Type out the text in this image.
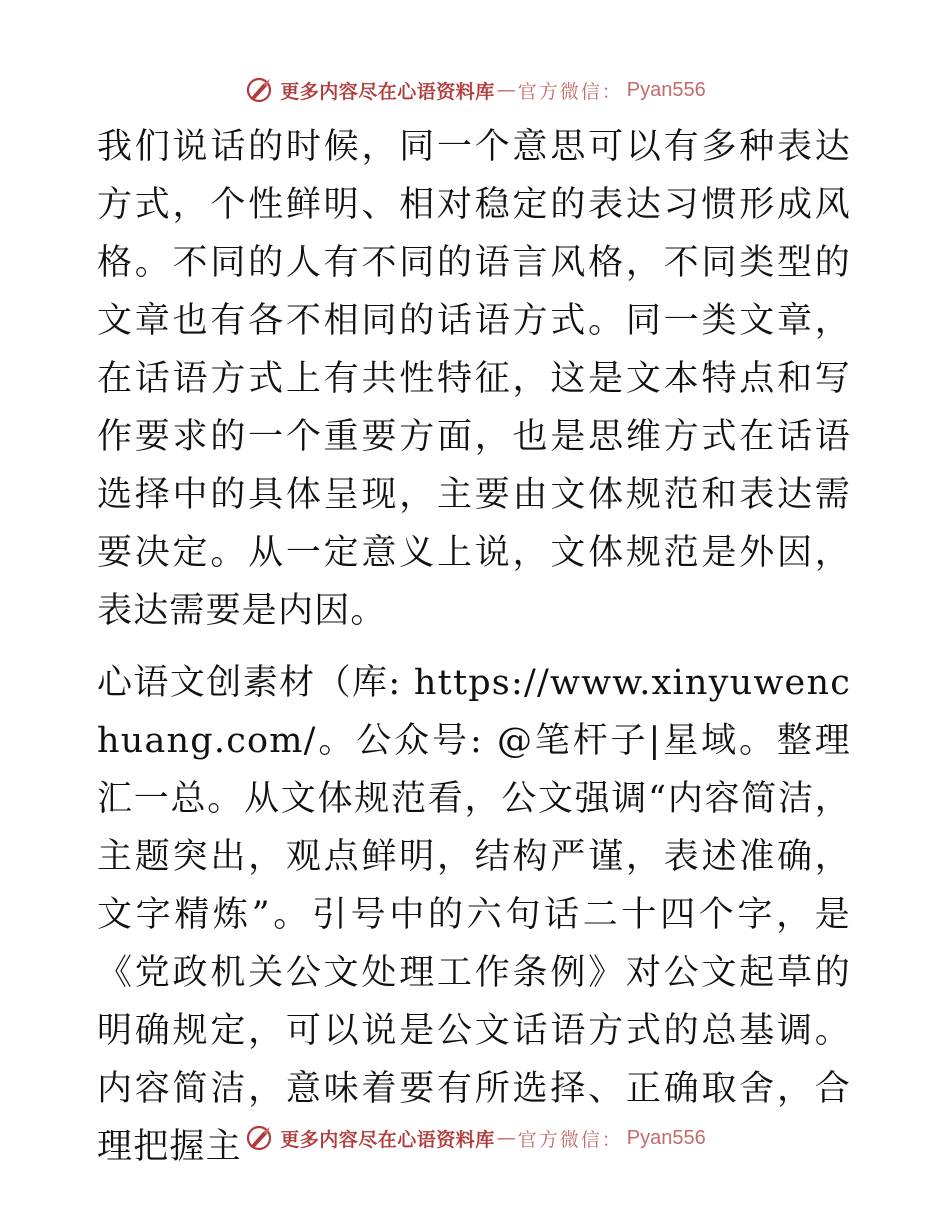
更多内容尽在心语资料库 — 官方微信 ： Pyan556

我们说话的时候，同一个意思可以有多种表达方式，个性鲜明、相对稳定的表达习惯形成风格。不同的人有不同的语言风格，不同类型的文章也有各不相同的话语方式。同一类文章，在话语方式上有共性特征，这是文本特点和写作要求的一个重要方面，也是思维方式在话语选择中的具体呈现，主要由文体规范和表达需要决定。从一定意义上说，文体规范是外因，表达需要是内因。

心语文创素材（库: https://www.xinyuwenchuang.com/。公众号: @笔杆子|星域。整理汇一总。从文体规范看，公文强调“内容简洁，主题突出，观点鲜明，结构严谨，表述准确，文字精炼”。引号中的六句话二十四个字，是《党政机关公文处理工作条例》对公文起草的明确规定，可以说是公文话语方式的总基调。内容简洁，意味着要有所选择、正确取舍，合理把握主	更多内容尽在心语资料库 — 官方微信 ： Pyan556
